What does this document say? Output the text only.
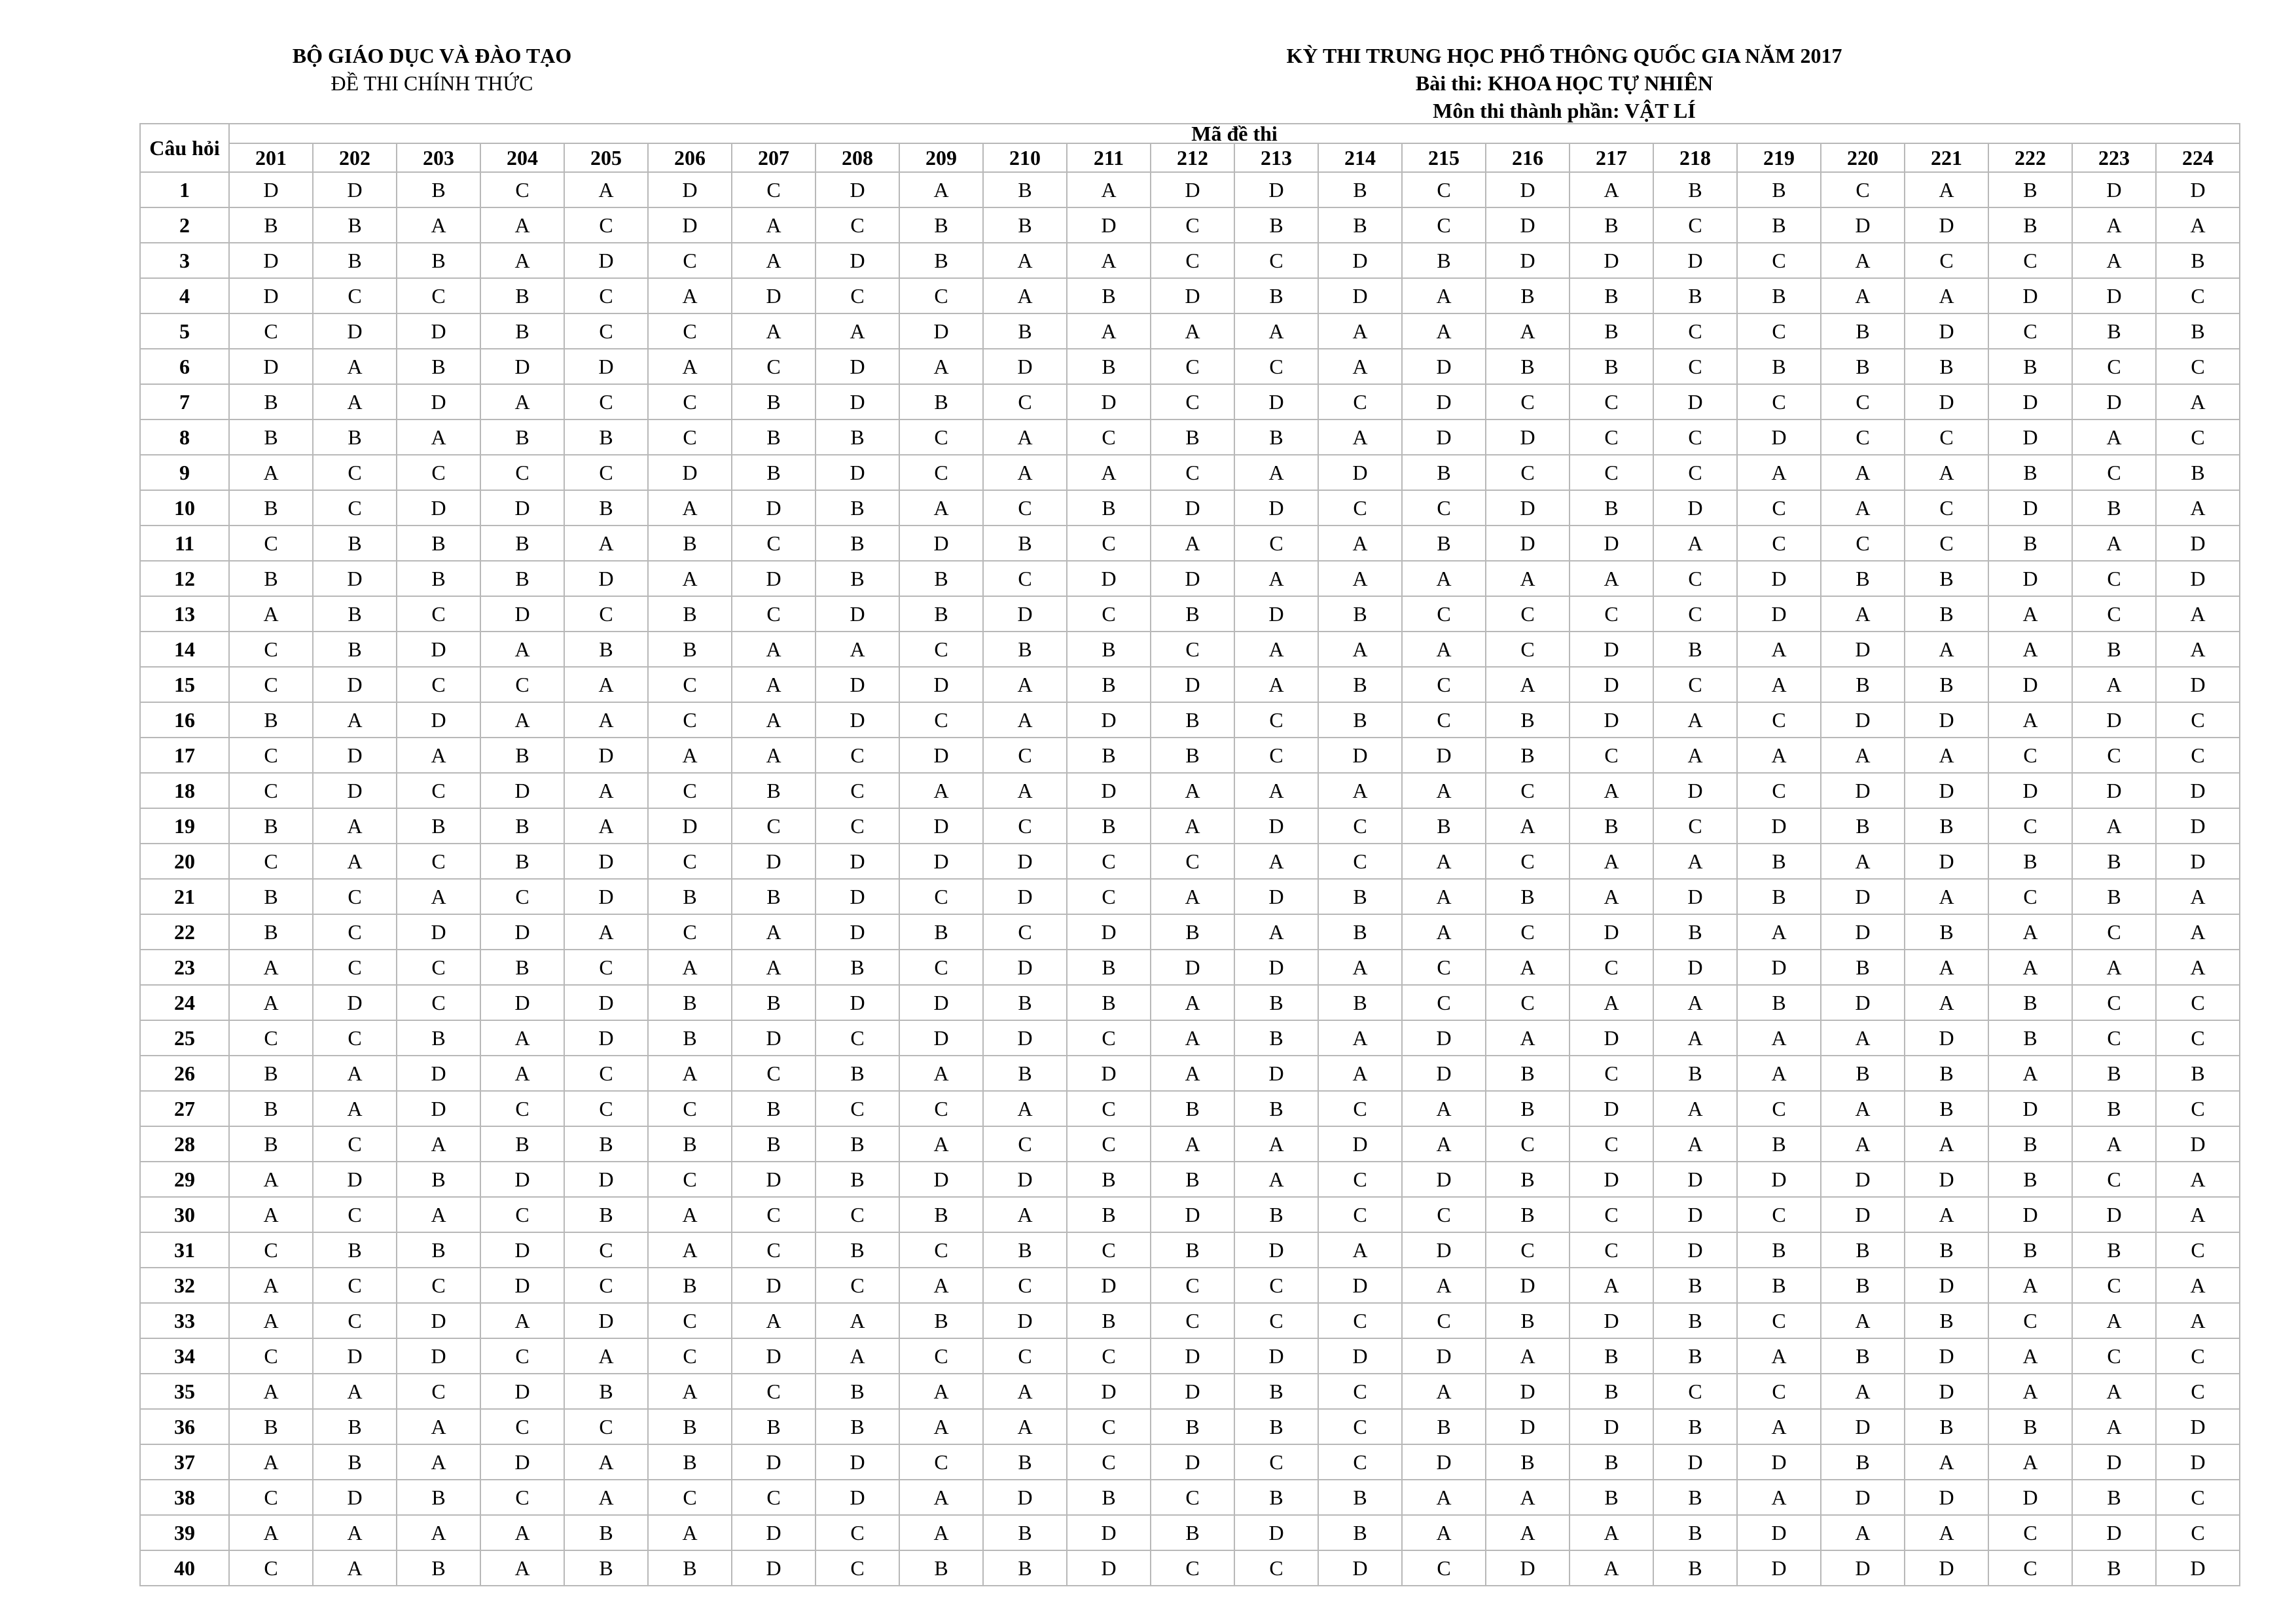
BỘ GIÁO DỤC VÀ ĐÀO TẠO
ĐỀ THI CHÍNH THỨC
KỲ THI TRUNG HỌC PHỔ THÔNG QUỐC GIA NĂM 2017
Bài thi: KHOA HỌC TỰ NHIÊN
Môn thi thành phần: VẬT LÍ
Câu hỏi	Mã đề thi																							
	201	202	203	204	205	206	207	208	209	210	211	212	213	214	215	216	217	218	219	220	221	222	223	224
1	D	D	B	C	A	D	C	D	A	B	A	D	D	B	C	D	A	B	B	C	A	B	D	D
2	B	B	A	A	C	D	A	C	B	B	D	C	B	B	C	D	B	C	B	D	D	B	A	A
3	D	B	B	A	D	C	A	D	B	A	A	C	C	D	B	D	D	D	C	A	C	C	A	B
4	D	C	C	B	C	A	D	C	C	A	B	D	B	D	A	B	B	B	B	A	A	D	D	C
5	C	D	D	B	C	C	A	A	D	B	A	A	A	A	A	A	B	C	C	B	D	C	B	B
6	D	A	B	D	D	A	C	D	A	D	B	C	C	A	D	B	B	C	B	B	B	B	C	C
7	B	A	D	A	C	C	B	D	B	C	D	C	D	C	D	C	C	D	C	C	D	D	D	A
8	B	B	A	B	B	C	B	B	C	A	C	B	B	A	D	D	C	C	D	C	C	D	A	C
9	A	C	C	C	C	D	B	D	C	A	A	C	A	D	B	C	C	C	A	A	A	B	C	B
10	B	C	D	D	B	A	D	B	A	C	B	D	D	C	C	D	B	D	C	A	C	D	B	A
11	C	B	B	B	A	B	C	B	D	B	C	A	C	A	B	D	D	A	C	C	C	B	A	D
12	B	D	B	B	D	A	D	B	B	C	D	D	A	A	A	A	A	C	D	B	B	D	C	D
13	A	B	C	D	C	B	C	D	B	D	C	B	D	B	C	C	C	C	D	A	B	A	C	A
14	C	B	D	A	B	B	A	A	C	B	B	C	A	A	A	C	D	B	A	D	A	A	B	A
15	C	D	C	C	A	C	A	D	D	A	B	D	A	B	C	A	D	C	A	B	B	D	A	D
16	B	A	D	A	A	C	A	D	C	A	D	B	C	B	C	B	D	A	C	D	D	A	D	C
17	C	D	A	B	D	A	A	C	D	C	B	B	C	D	D	B	C	A	A	A	A	C	C	C
18	C	D	C	D	A	C	B	C	A	A	D	A	A	A	A	C	A	D	C	D	D	D	D	D
19	B	A	B	B	A	D	C	C	D	C	B	A	D	C	B	A	B	C	D	B	B	C	A	D
20	C	A	C	B	D	C	D	D	D	D	C	C	A	C	A	C	A	A	B	A	D	B	B	D
21	B	C	A	C	D	B	B	D	C	D	C	A	D	B	A	B	A	D	B	D	A	C	B	A
22	B	C	D	D	A	C	A	D	B	C	D	B	A	B	A	C	D	B	A	D	B	A	C	A
23	A	C	C	B	C	A	A	B	C	D	B	D	D	A	C	A	C	D	D	B	A	A	A	A
24	A	D	C	D	D	B	B	D	D	B	B	A	B	B	C	C	A	A	B	D	A	B	C	C
25	C	C	B	A	D	B	D	C	D	D	C	A	B	A	D	A	D	A	A	A	D	B	C	C
26	B	A	D	A	C	A	C	B	A	B	D	A	D	A	D	B	C	B	A	B	B	A	B	B
27	B	A	D	C	C	C	B	C	C	A	C	B	B	C	A	B	D	A	C	A	B	D	B	C
28	B	C	A	B	B	B	B	B	A	C	C	A	A	D	A	C	C	A	B	A	A	B	A	D
29	A	D	B	D	D	C	D	B	D	D	B	B	A	C	D	B	D	D	D	D	D	B	C	A
30	A	C	A	C	B	A	C	C	B	A	B	D	B	C	C	B	C	D	C	D	A	D	D	A
31	C	B	B	D	C	A	C	B	C	B	C	B	D	A	D	C	C	D	B	B	B	B	B	C
32	A	C	C	D	C	B	D	C	A	C	D	C	C	D	A	D	A	B	B	B	D	A	C	A
33	A	C	D	A	D	C	A	A	B	D	B	C	C	C	C	B	D	B	C	A	B	C	A	A
34	C	D	D	C	A	C	D	A	C	C	C	D	D	D	D	A	B	B	A	B	D	A	C	C
35	A	A	C	D	B	A	C	B	A	A	D	D	B	C	A	D	B	C	C	A	D	A	A	C
36	B	B	A	C	C	B	B	B	A	A	C	B	B	C	B	D	D	B	A	D	B	B	A	D
37	A	B	A	D	A	B	D	D	C	B	C	D	C	C	D	B	B	D	D	B	A	A	D	D
38	C	D	B	C	A	C	C	D	A	D	B	C	B	B	A	A	B	B	A	D	D	D	B	C
39	A	A	A	A	B	A	D	C	A	B	D	B	D	B	A	A	A	B	D	A	A	C	D	C
40	C	A	B	A	B	B	D	C	B	B	D	C	C	D	C	D	A	B	D	D	D	C	B	D
